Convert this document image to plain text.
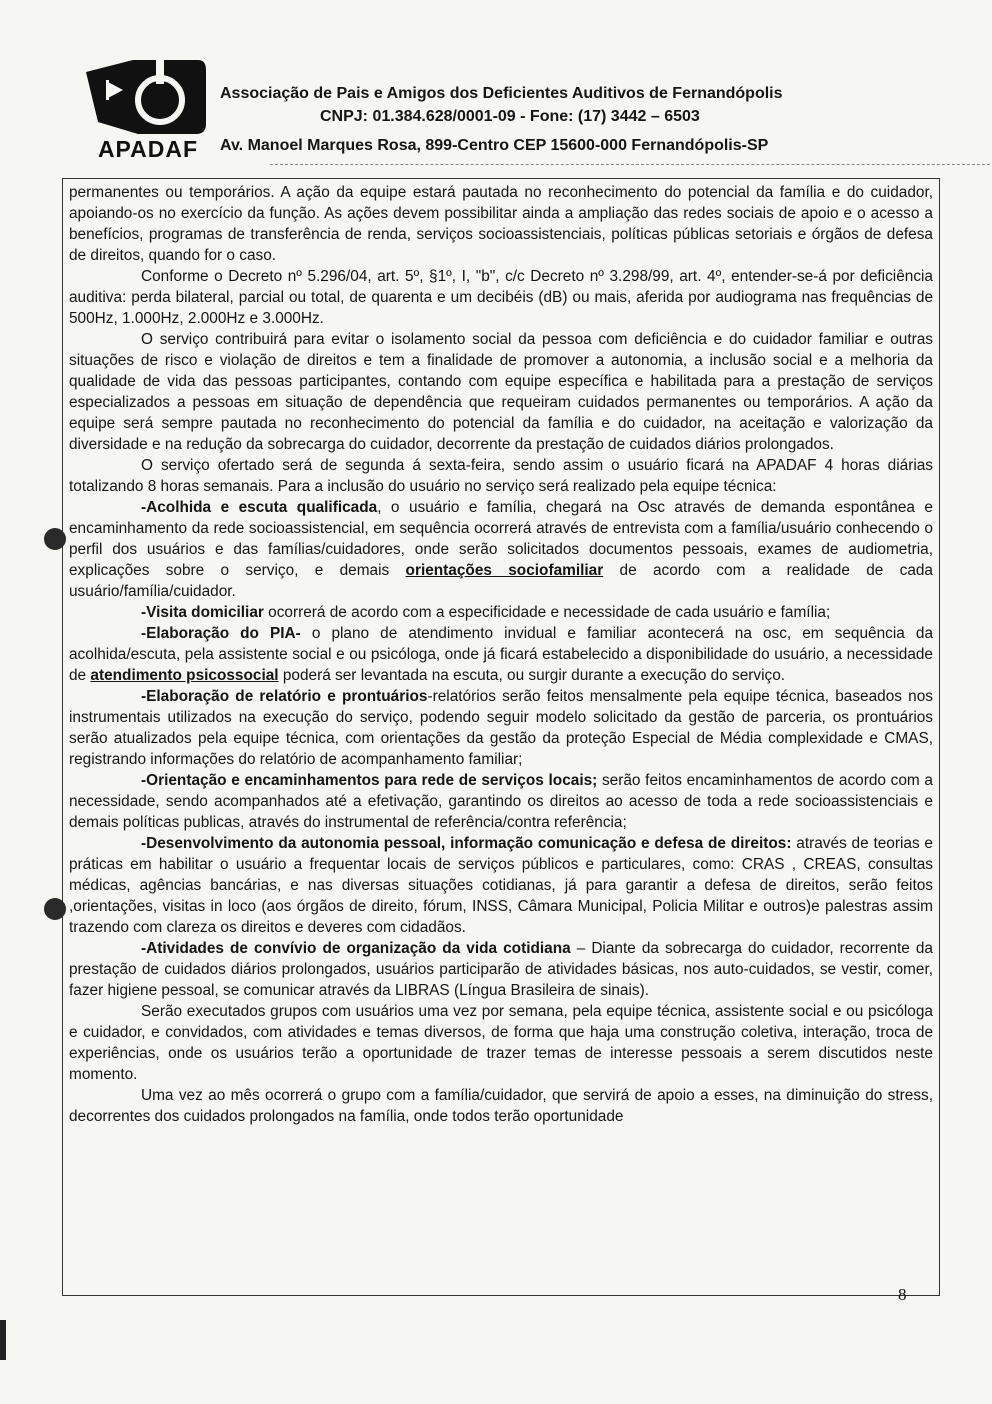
APADAF
Associação de Pais e Amigos dos Deficientes Auditivos de Fernandópolis
CNPJ: 01.384.628/0001-09 - Fone: (17) 3442 – 6503
Av. Manoel Marques Rosa, 899-Centro CEP 15600-000 Fernandópolis-SP

permanentes ou temporários. A ação da equipe estará pautada no reconhecimento do potencial da família e do cuidador, apoiando-os no exercício da função. As ações devem possibilitar ainda a ampliação das redes sociais de apoio e o acesso a benefícios, programas de transferência de renda, serviços socioassistenciais, políticas públicas setoriais e órgãos de defesa de direitos, quando for o caso.

Conforme o Decreto nº 5.296/04, art. 5º, §1º, I, "b", c/c Decreto nº 3.298/99, art. 4º, entender-se-á por deficiência auditiva: perda bilateral, parcial ou total, de quarenta e um decibéis (dB) ou mais, aferida por audiograma nas frequências de 500Hz, 1.000Hz, 2.000Hz e 3.000Hz.

O serviço contribuirá para evitar o isolamento social da pessoa com deficiência e do cuidador familiar e outras situações de risco e violação de direitos e tem a finalidade de promover a autonomia, a inclusão social e a melhoria da qualidade de vida das pessoas participantes, contando com equipe específica e habilitada para a prestação de serviços especializados a pessoas em situação de dependência que requeiram cuidados permanentes ou temporários. A ação da equipe será sempre pautada no reconhecimento do potencial da família e do cuidador, na aceitação e valorização da diversidade e na redução da sobrecarga do cuidador, decorrente da prestação de cuidados diários prolongados.

O serviço ofertado será de segunda á sexta-feira, sendo assim o usuário ficará na APADAF 4 horas diárias totalizando 8 horas semanais. Para a inclusão do usuário no serviço será realizado pela equipe técnica:

-Acolhida e escuta qualificada, o usuário e família, chegará na Osc através de demanda espontânea e encaminhamento da rede socioassistencial, em sequência ocorrerá através de entrevista com a família/usuário conhecendo o perfil dos usuários e das famílias/cuidadores, onde serão solicitados documentos pessoais, exames de audiometria, explicações sobre o serviço, e demais orientações sociofamiliar de acordo com a realidade de cada usuário/família/cuidador.

-Visita domiciliar ocorrerá de acordo com a especificidade e necessidade de cada usuário e família;

-Elaboração do PIA- o plano de atendimento invidual e familiar acontecerá na osc, em sequência da acolhida/escuta, pela assistente social e ou psicóloga, onde já ficará estabelecido a disponibilidade do usuário, a necessidade de atendimento psicossocial poderá ser levantada na escuta, ou surgir durante a execução do serviço.

-Elaboração de relatório e prontuários-relatórios serão feitos mensalmente pela equipe técnica, baseados nos instrumentais utilizados na execução do serviço, podendo seguir modelo solicitado da gestão de parceria, os prontuários serão atualizados pela equipe técnica, com orientações da gestão da proteção Especial de Média complexidade e CMAS, registrando informações do relatório de acompanhamento familiar;

-Orientação e encaminhamentos para rede de serviços locais; serão feitos encaminhamentos de acordo com a necessidade, sendo acompanhados até a efetivação, garantindo os direitos ao acesso de toda a rede socioassistenciais e demais políticas publicas, através do instrumental de referência/contra referência;

-Desenvolvimento da autonomia pessoal, informação comunicação e defesa de direitos: através de teorias e práticas em habilitar o usuário a frequentar locais de serviços públicos e particulares, como: CRAS , CREAS, consultas médicas, agências bancárias, e nas diversas situações cotidianas, já para garantir a defesa de direitos, serão feitos ,orientações, visitas in loco (aos órgãos de direito, fórum, INSS, Câmara Municipal, Policia Militar e outros)e palestras assim trazendo com clareza os direitos e deveres com cidadãos.

-Atividades de convívio de organização da vida cotidiana – Diante da sobrecarga do cuidador, recorrente da prestação de cuidados diários prolongados, usuários participarão de atividades básicas, nos auto-cuidados, se vestir, comer, fazer higiene pessoal, se comunicar através da LIBRAS (Língua Brasileira de sinais).

Serão executados grupos com usuários uma vez por semana, pela equipe técnica, assistente social e ou psicóloga e cuidador, e convidados, com atividades e temas diversos, de forma que haja uma construção coletiva, interação, troca de experiências, onde os usuários terão a oportunidade de trazer temas de interesse pessoais a serem discutidos neste momento.

Uma vez ao mês ocorrerá o grupo com a família/cuidador, que servirá de apoio a esses, na diminuição do stress, decorrentes dos cuidados prolongados na família, onde todos terão oportunidade

8
